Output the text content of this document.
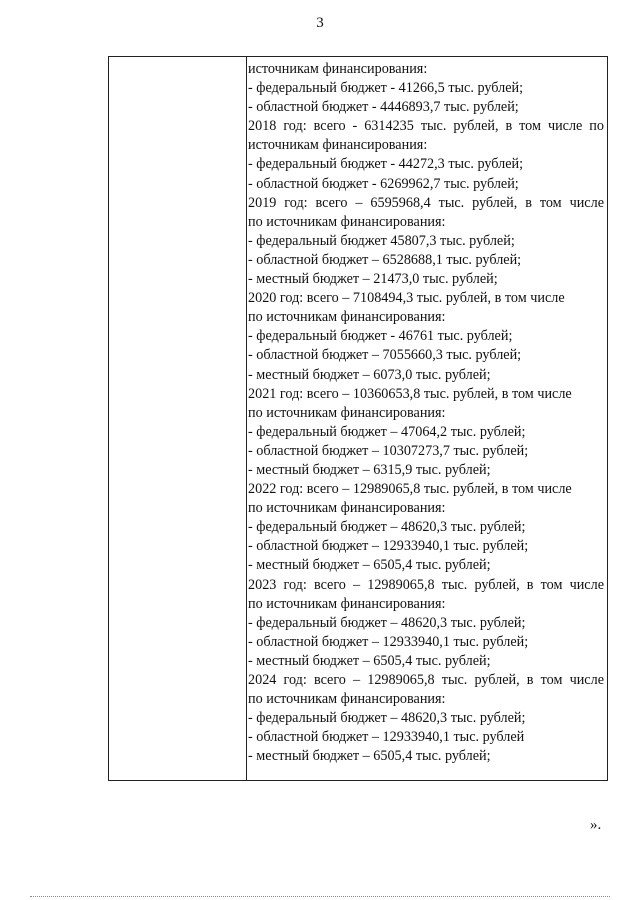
3
источникам финансирования:
- федеральный бюджет - 41266,5 тыс. рублей;
- областной бюджет - 4446893,7 тыс. рублей;
2018 год: всего - 6314235 тыс. рублей, в том числе по
источникам финансирования:
- федеральный бюджет - 44272,3 тыс. рублей;
- областной бюджет - 6269962,7 тыс. рублей;
2019 год: всего – 6595968,4 тыс. рублей, в том числе
по источникам финансирования:
- федеральный бюджет 45807,3 тыс. рублей;
- областной бюджет – 6528688,1 тыс. рублей;
- местный бюджет – 21473,0 тыс. рублей;
2020 год: всего – 7108494,3 тыс. рублей, в том числе
по источникам финансирования:
- федеральный бюджет - 46761 тыс. рублей;
- областной бюджет – 7055660,3 тыс. рублей;
- местный бюджет – 6073,0 тыс. рублей;
2021 год: всего – 10360653,8 тыс. рублей, в том числе
по источникам финансирования:
- федеральный бюджет – 47064,2 тыс. рублей;
- областной бюджет – 10307273,7 тыс. рублей;
- местный бюджет – 6315,9 тыс. рублей;
2022 год: всего – 12989065,8 тыс. рублей, в том числе
по источникам финансирования:
- федеральный бюджет – 48620,3 тыс. рублей;
- областной бюджет – 12933940,1 тыс. рублей;
- местный бюджет – 6505,4 тыс. рублей;
2023 год: всего – 12989065,8 тыс. рублей, в том числе
по источникам финансирования:
- федеральный бюджет – 48620,3 тыс. рублей;
- областной бюджет – 12933940,1 тыс. рублей;
- местный бюджет – 6505,4 тыс. рублей;
2024 год: всего – 12989065,8 тыс. рублей, в том числе
по источникам финансирования:
- федеральный бюджет – 48620,3 тыс. рублей;
- областной бюджет – 12933940,1 тыс. рублей
- местный бюджет – 6505,4 тыс. рублей;
».
